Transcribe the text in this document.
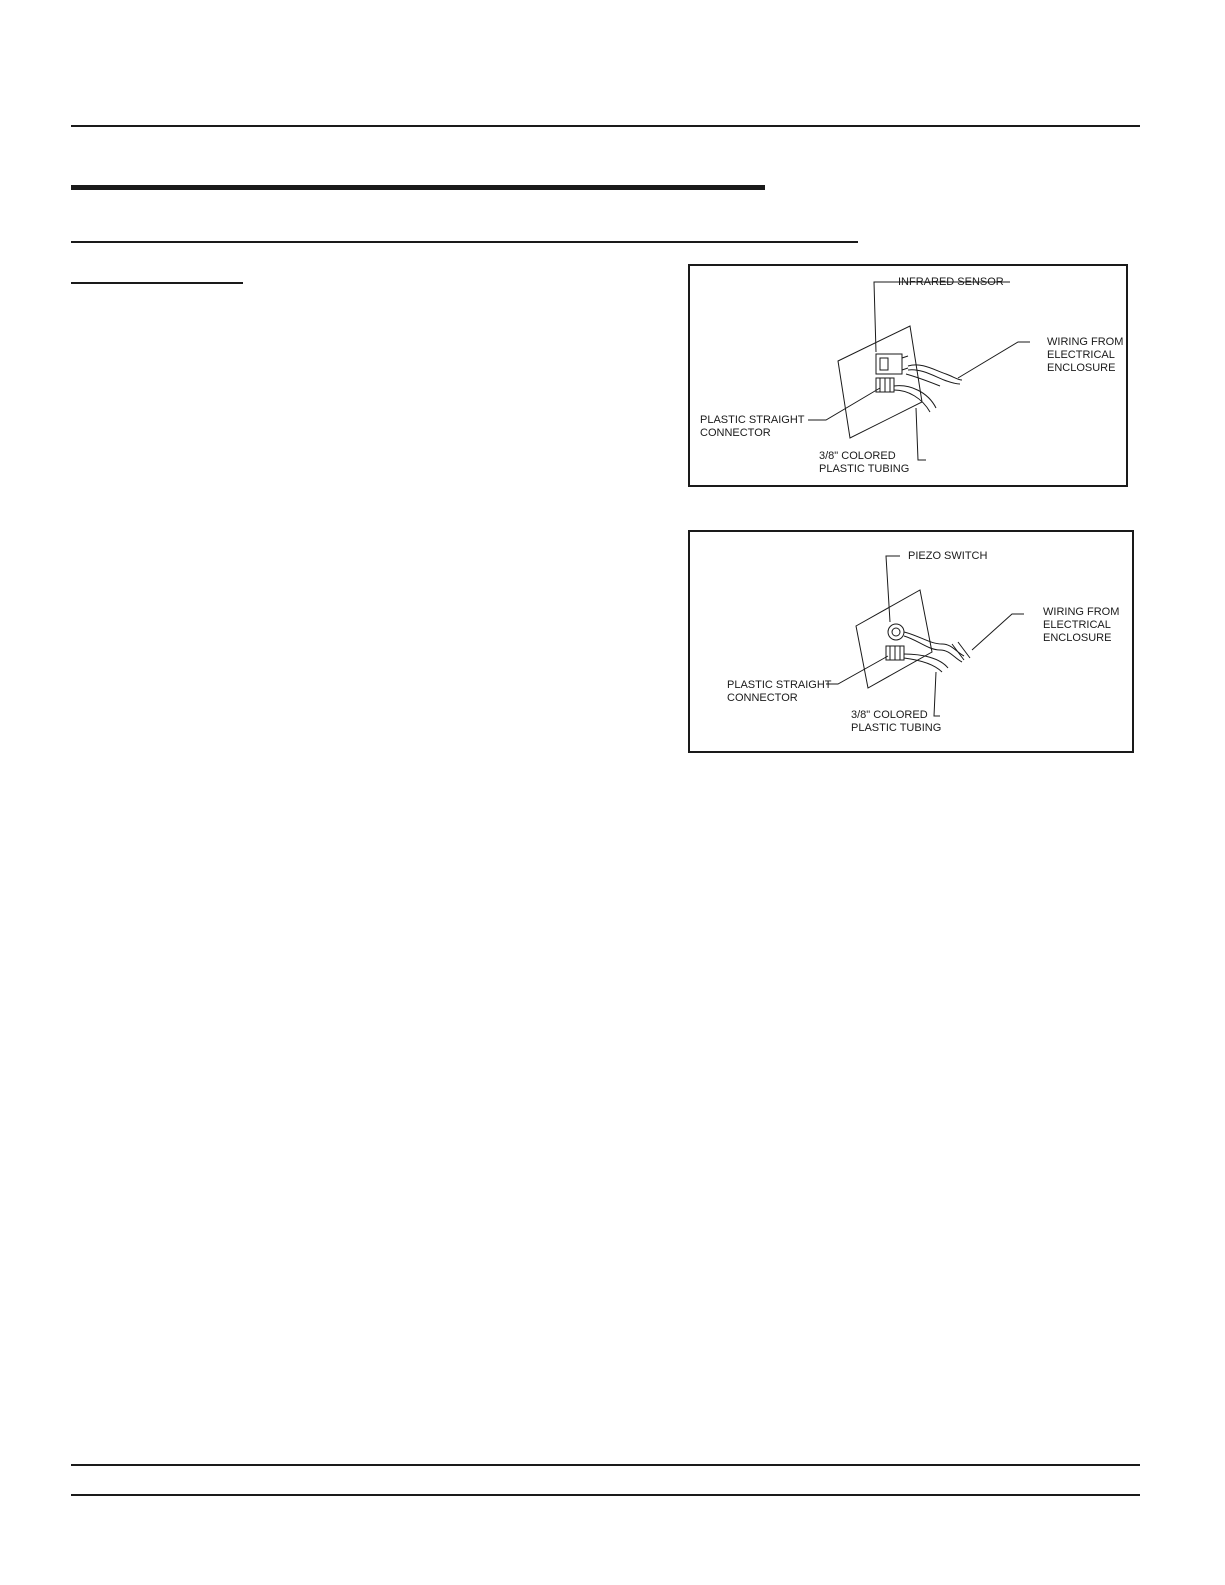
INFRARED SENSOR
WIRING FROM
ELECTRICAL
ENCLOSURE
PLASTIC STRAIGHT
CONNECTOR
3/8" COLORED
PLASTIC TUBING
PIEZO SWITCH
WIRING FROM
ELECTRICAL
ENCLOSURE
PLASTIC STRAIGHT
CONNECTOR
3/8" COLORED
PLASTIC TUBING
